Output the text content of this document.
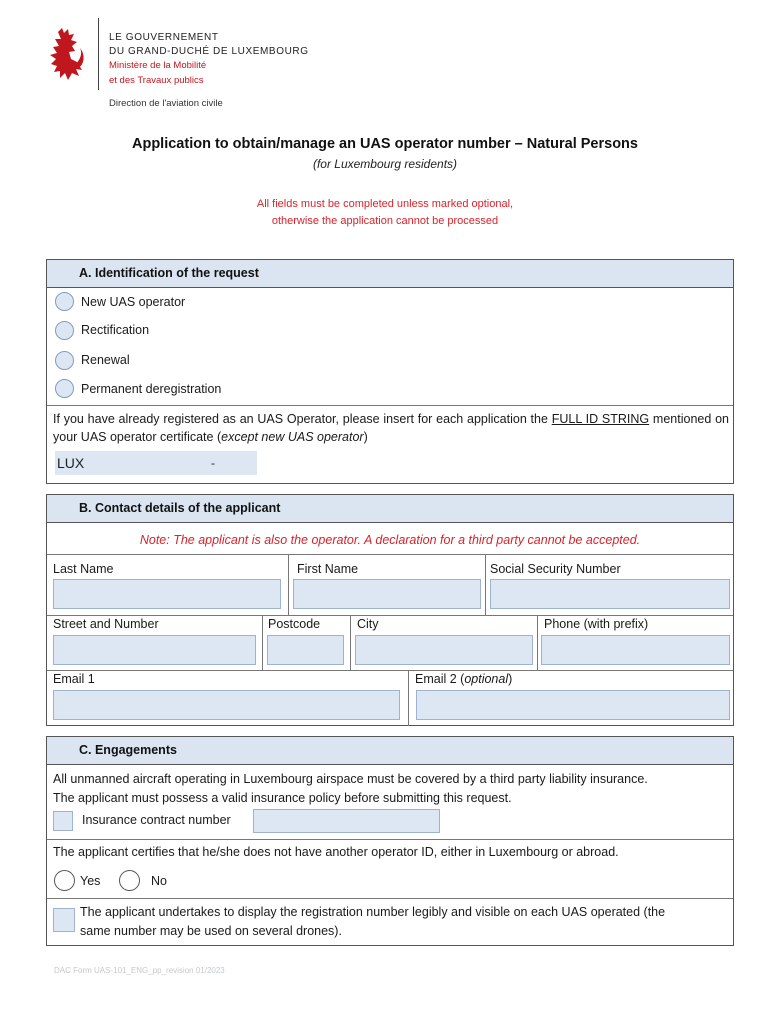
LE GOUVERNEMENT
DU GRAND-DUCHÉ DE LUXEMBOURG
Ministère de la Mobilité
et des Travaux publics
Direction de l'aviation civile
Application to obtain/manage an UAS operator number – Natural Persons
(for Luxembourg residents)
All fields must be completed unless marked optional,
otherwise the application cannot be processed
A. Identification of the request
New UAS operator
Rectification
Renewal
Permanent deregistration
If you have already registered as an UAS Operator, please insert for each application the FULL ID STRING mentioned on your UAS operator certificate (except new UAS operator)
LUX	-
B. Contact details of the applicant
Note: The applicant is also the operator. A declaration for a third party cannot be accepted.
Last Name	First Name	Social Security Number
Street and Number	Postcode	City	Phone (with prefix)
Email 1	Email 2 (optional)
C. Engagements
All unmanned aircraft operating in Luxembourg airspace must be covered by a third party liability insurance.
The applicant must possess a valid insurance policy before submitting this request.
Insurance contract number
The applicant certifies that he/she does not have another operator ID, either in Luxembourg or abroad.
Yes	No
The applicant undertakes to display the registration number legibly and visible on each UAS operated (the
same number may be used on several drones).
DAC Form UAS-101_ENG_pp_revision 01/2023
